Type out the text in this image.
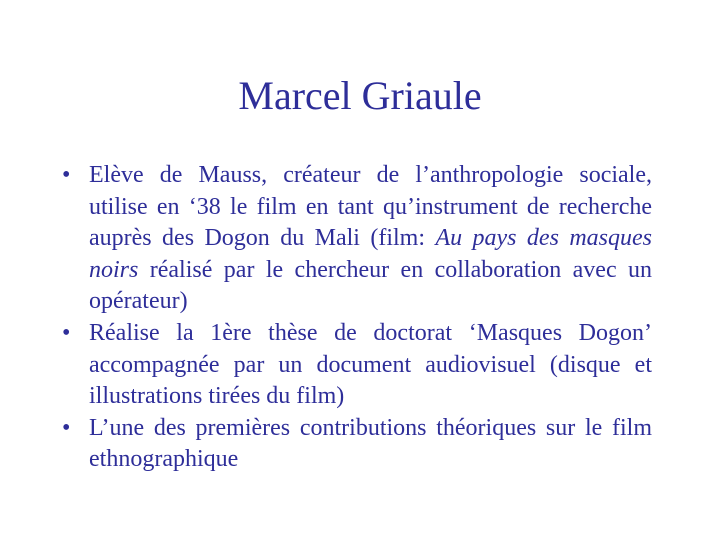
Marcel Griaule
• Elève de Mauss, créateur de l’anthropologie sociale, utilise en ‘38 le film en tant qu’instrument de recherche auprès des Dogon du Mali (film: Au pays des masques noirs réalisé par le chercheur en collaboration avec un opérateur)
• Réalise la 1ère thèse de doctorat ‘Masques Dogon’ accompagnée par un document audiovisuel (disque et illustrations tirées du film)
• L’une des premières contributions théoriques sur le film ethnographique
